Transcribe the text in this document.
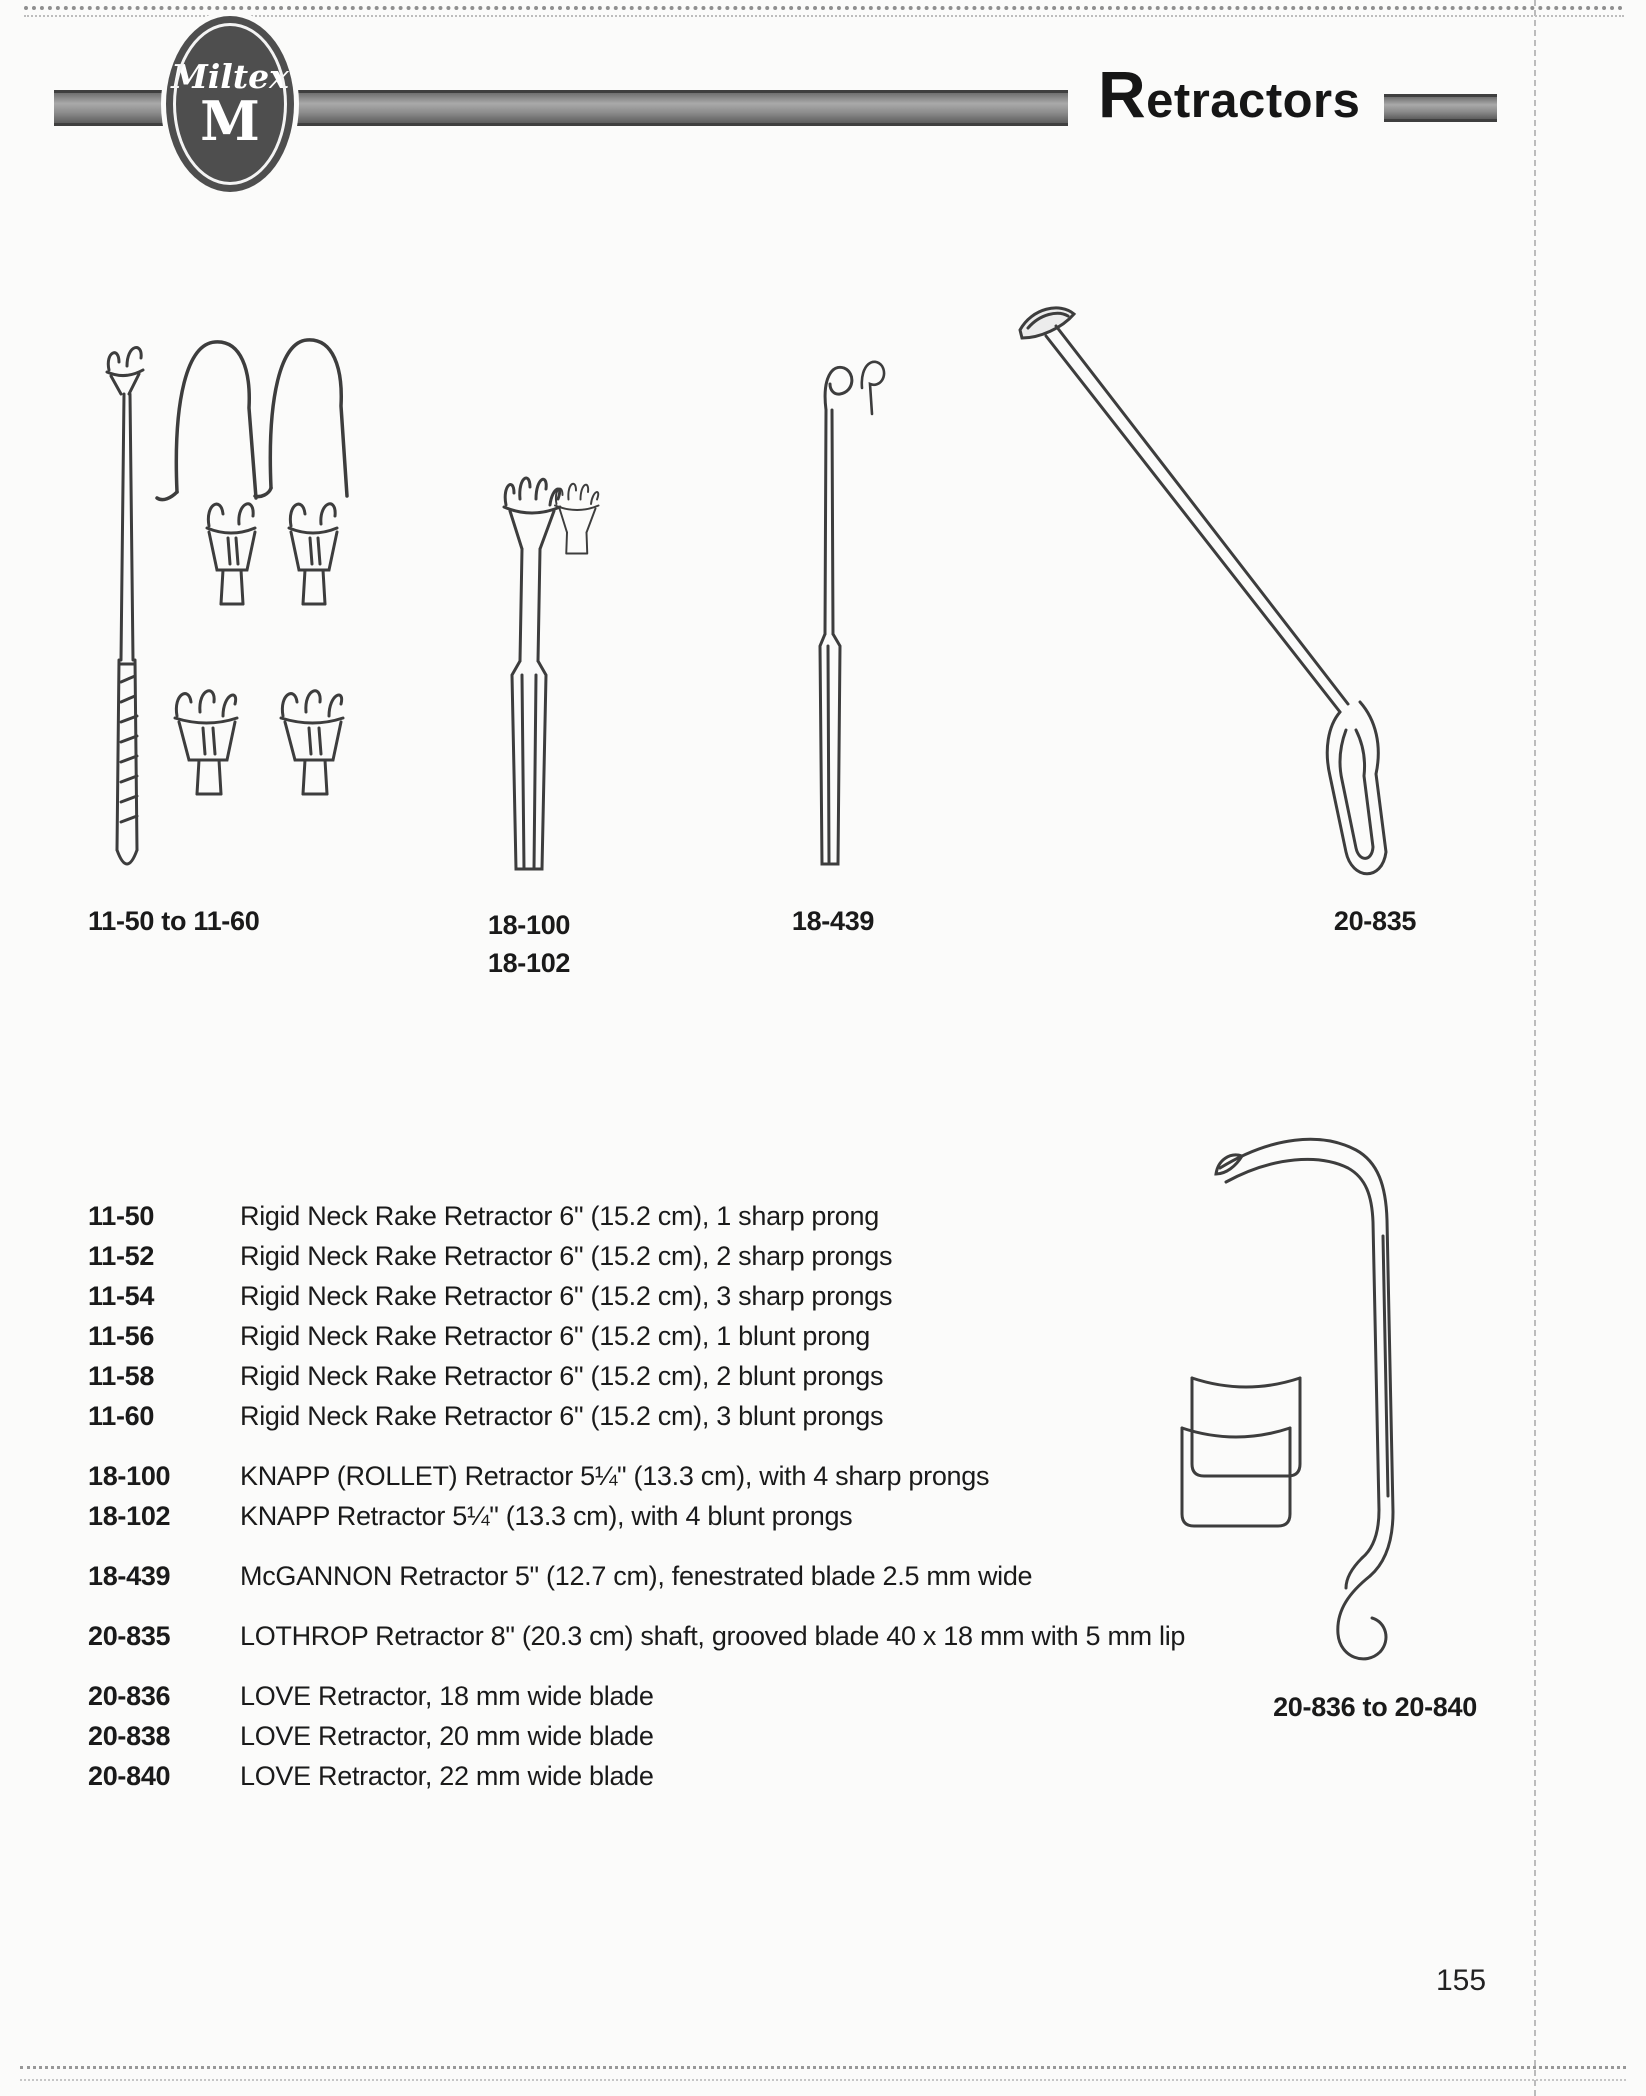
Miltex
M	Retractors
11-50 to 11-60	18-100
18-102
18-439	20-835
20-836 to 20-840
11-50	Rigid Neck Rake Retractor 6" (15.2 cm), 1 sharp prong
11-52	Rigid Neck Rake Retractor 6" (15.2 cm), 2 sharp prongs
11-54	Rigid Neck Rake Retractor 6" (15.2 cm), 3 sharp prongs
11-56	Rigid Neck Rake Retractor 6" (15.2 cm), 1 blunt prong
11-58	Rigid Neck Rake Retractor 6" (15.2 cm), 2 blunt prongs
11-60	Rigid Neck Rake Retractor 6" (15.2 cm), 3 blunt prongs
18-100	KNAPP (ROLLET) Retractor 5¼" (13.3 cm), with 4 sharp prongs
18-102	KNAPP Retractor 5¼" (13.3 cm), with 4 blunt prongs
18-439	McGANNON Retractor 5" (12.7 cm), fenestrated blade 2.5 mm wide
20-835	LOTHROP Retractor 8" (20.3 cm) shaft, grooved blade 40 x 18 mm with 5 mm lip
20-836	LOVE Retractor, 18 mm wide blade
20-838	LOVE Retractor, 20 mm wide blade
20-840	LOVE Retractor, 22 mm wide blade
155
